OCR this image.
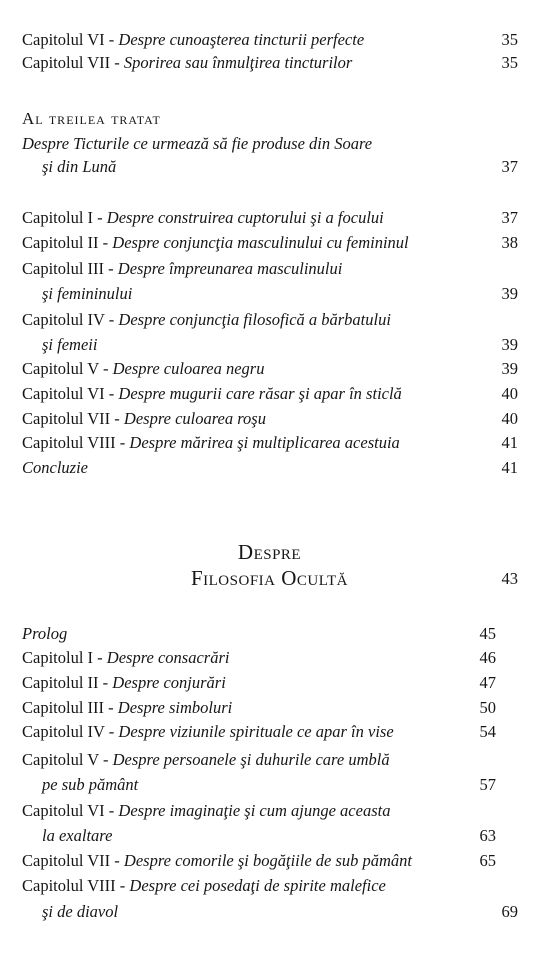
Capitolul VI - Despre cunoaşterea tincturii perfecte	35
Capitolul VII - Sporirea sau înmulţirea tincturilor	35
Al treilea tratat
Despre Ticturile ce urmează să fie produse din Soare
şi din Lună	37
Capitolul I - Despre construirea cuptorului şi a focului	37
Capitolul II - Despre conjuncţia masculinului cu femininul	38
Capitolul III - Despre împreunarea masculinului
şi femininului	39
Capitolul IV - Despre conjuncţia filosofică a bărbatului
şi femeii	39
Capitolul V - Despre culoarea negru	39
Capitolul VI - Despre mugurii care răsar şi apar în sticlă	40
Capitolul VII - Despre culoarea roşu	40
Capitolul VIII - Despre mărirea şi multiplicarea acestuia	41
Concluzie	41
Despre
Filosofia Ocultă	43
Prolog	45
Capitolul I - Despre consacrări	46
Capitolul II - Despre conjurări	47
Capitolul III - Despre simboluri	50
Capitolul IV - Despre viziunile spirituale ce apar în vise	54
Capitolul V - Despre persoanele şi duhurile care umblă
pe sub pământ	57
Capitolul VI - Despre imaginaţie şi cum ajunge aceasta
la exaltare	63
Capitolul VII - Despre comorile şi bogăţiile de sub pământ	65
Capitolul VIII - Despre cei posedaţi de spirite malefice
şi de diavol	69
